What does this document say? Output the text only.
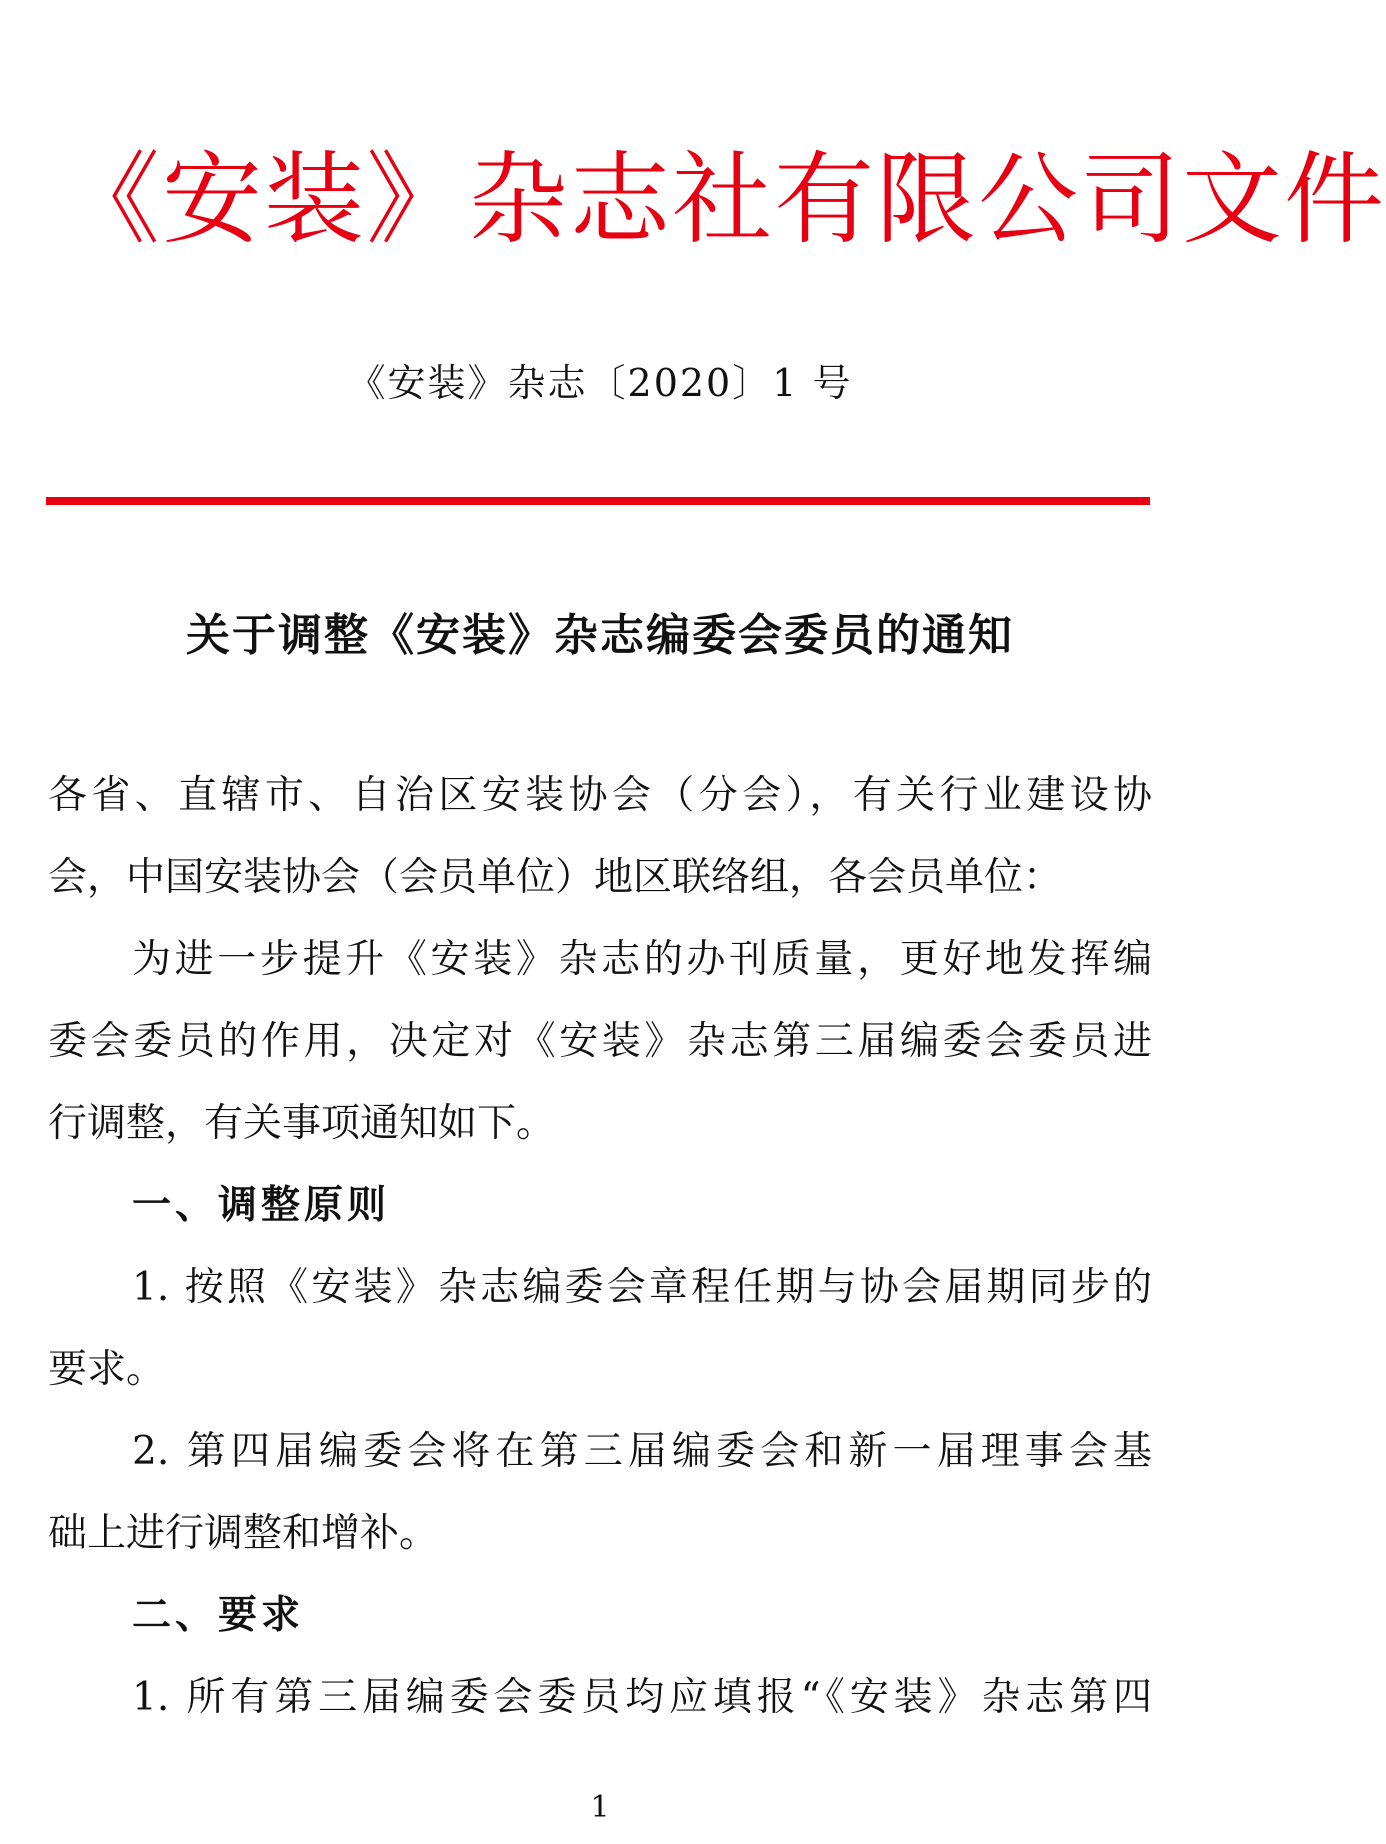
《安装》杂志社有限公司文件
《安装》杂志〔2020〕1 号
关于调整《安装》杂志编委会委员的通知
各省、直辖市、自治区安装协会（分会），有关行业建设协
会，中国安装协会（会员单位）地区联络组，各会员单位：
为进一步提升《安装》杂志的办刊质量，更好地发挥编
委会委员的作用，决定对《安装》杂志第三届编委会委员进
行调整，有关事项通知如下。
一、调整原则
1. 按照《安装》杂志编委会章程任期与协会届期同步的
要求。
2. 第四届编委会将在第三届编委会和新一届理事会基
础上进行调整和增补。
二、要求
1. 所有第三届编委会委员均应填报“《安装》杂志第四
1
